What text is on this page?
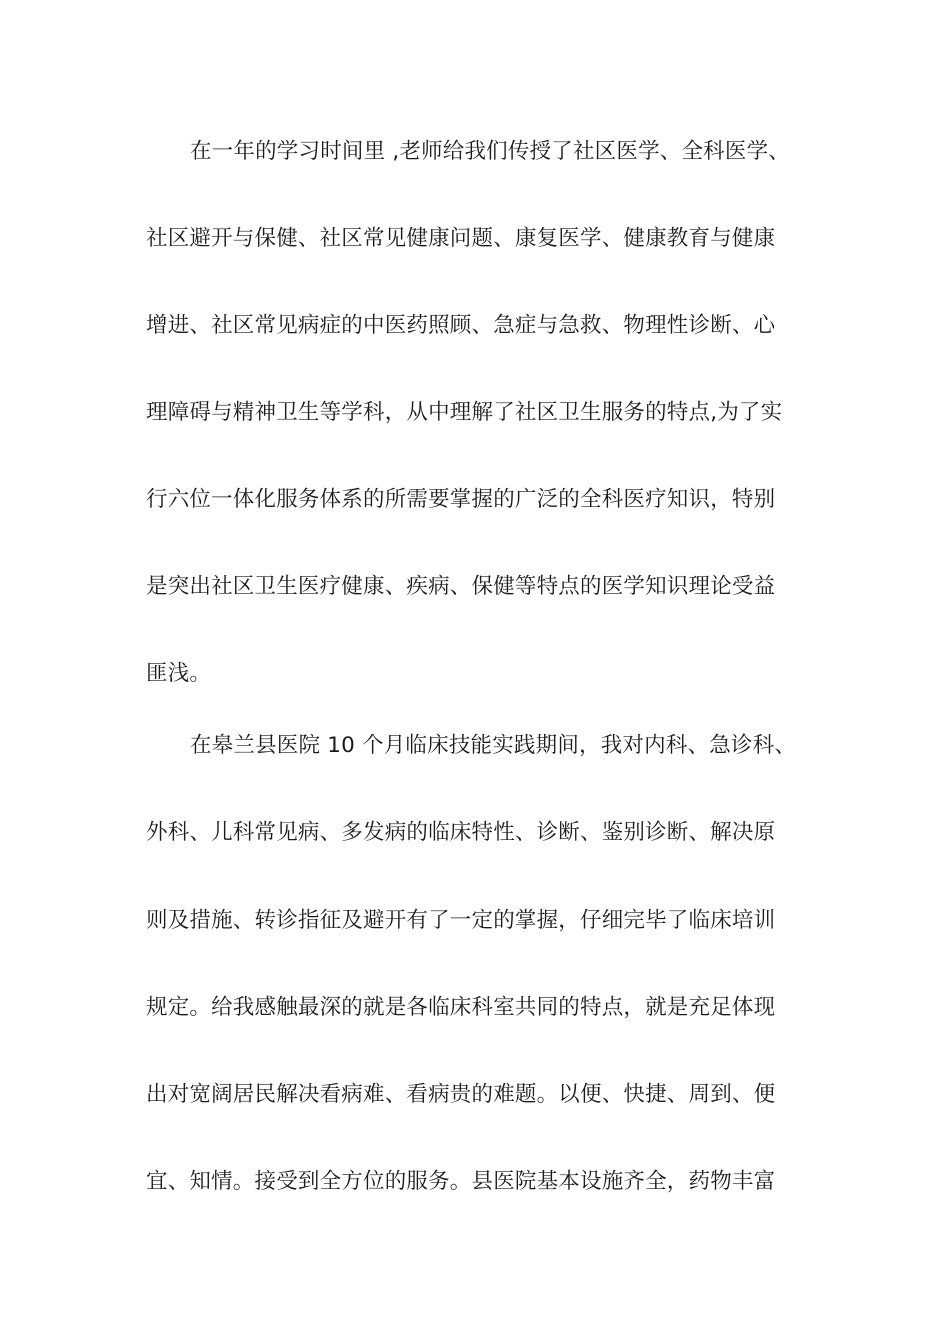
在一年的学习时间里 ,老师给我们传授了社区医学、全科医学、
社区避开与保健、社区常见健康问题、康复医学、健康教育与健康
增进、社区常见病症的中医药照顾、急症与急救、物理性诊断、心
理障碍与精神卫生等学科，从中理解了社区卫生服务的特点,为了实
行六位一体化服务体系的所需要掌握的广泛的全科医疗知识，特别
是突出社区卫生医疗健康、疾病、保健等特点的医学知识理论受益
匪浅。
在皋兰县医院 10 个月临床技能实践期间，我对内科、急诊科、
外科、儿科常见病、多发病的临床特性、诊断、鉴别诊断、解决原
则及措施、转诊指征及避开有了一定的掌握，仔细完毕了临床培训
规定。给我感触最深的就是各临床科室共同的特点，就是充足体现
出对宽阔居民解决看病难、看病贵的难题。以便、快捷、周到、便
宜、知情。接受到全方位的服务。县医院基本设施齐全，药物丰富
